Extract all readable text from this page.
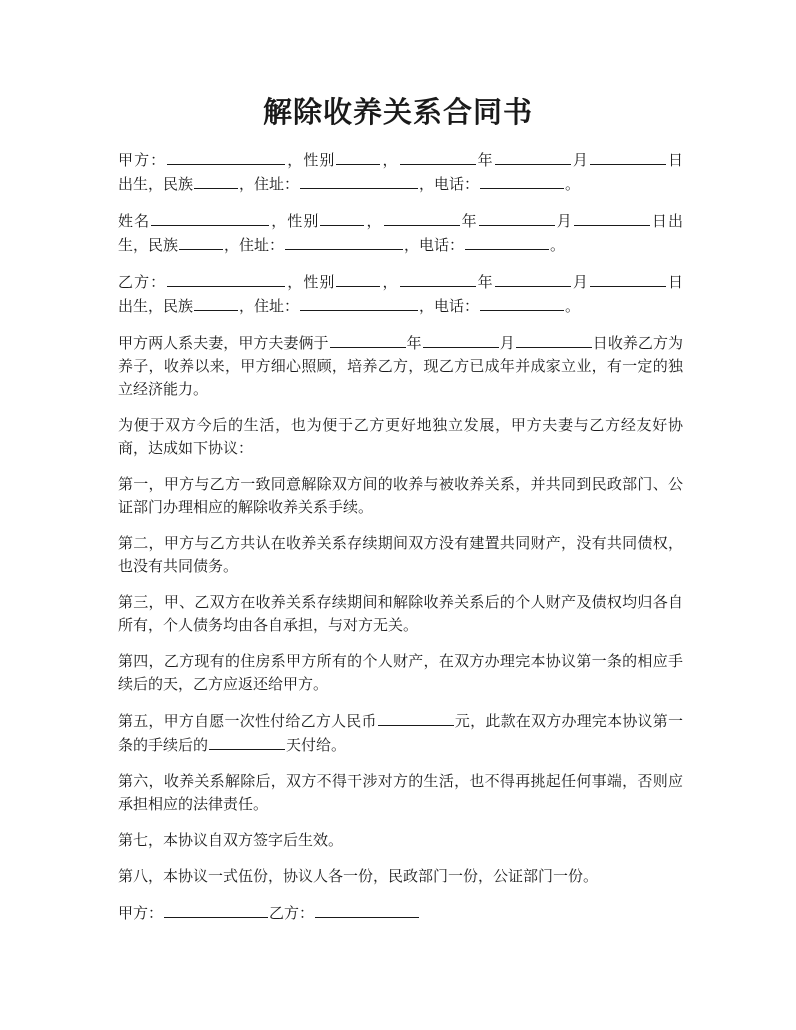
解除收养关系合同书

甲方：	，性别	，	年	月	日出生，民族	，住址：	，电话：	。

姓名	，性别	，	年	月	日出生，民族	，住址：	，电话：	。

乙方：	，性别	，	年	月	日出生，民族	，住址：	，电话：	。

甲方两人系夫妻，甲方夫妻俩于	年	月	日收养乙方为养子，收养以来，甲方细心照顾，培养乙方，现乙方已成年并成家立业，有一定的独立经济能力。

为便于双方今后的生活，也为便于乙方更好地独立发展，甲方夫妻与乙方经友好协商，达成如下协议：

第一，甲方与乙方一致同意解除双方间的收养与被收养关系，并共同到民政部门、公证部门办理相应的解除收养关系手续。

第二，甲方与乙方共认在收养关系存续期间双方没有建置共同财产，没有共同债权，也没有共同债务。

第三，甲、乙双方在收养关系存续期间和解除收养关系后的个人财产及债权均归各自所有，个人债务均由各自承担，与对方无关。

第四，乙方现有的住房系甲方所有的个人财产，在双方办理完本协议第一条的相应手续后的天，乙方应返还给甲方。

第五，甲方自愿一次性付给乙方人民币	元，此款在双方办理完本协议第一条的手续后的	天付给。

第六，收养关系解除后，双方不得干涉对方的生活，也不得再挑起任何事端，否则应承担相应的法律责任。

第七，本协议自双方签字后生效。

第八，本协议一式伍份，协议人各一份，民政部门一份，公证部门一份。

甲方：	乙方：
